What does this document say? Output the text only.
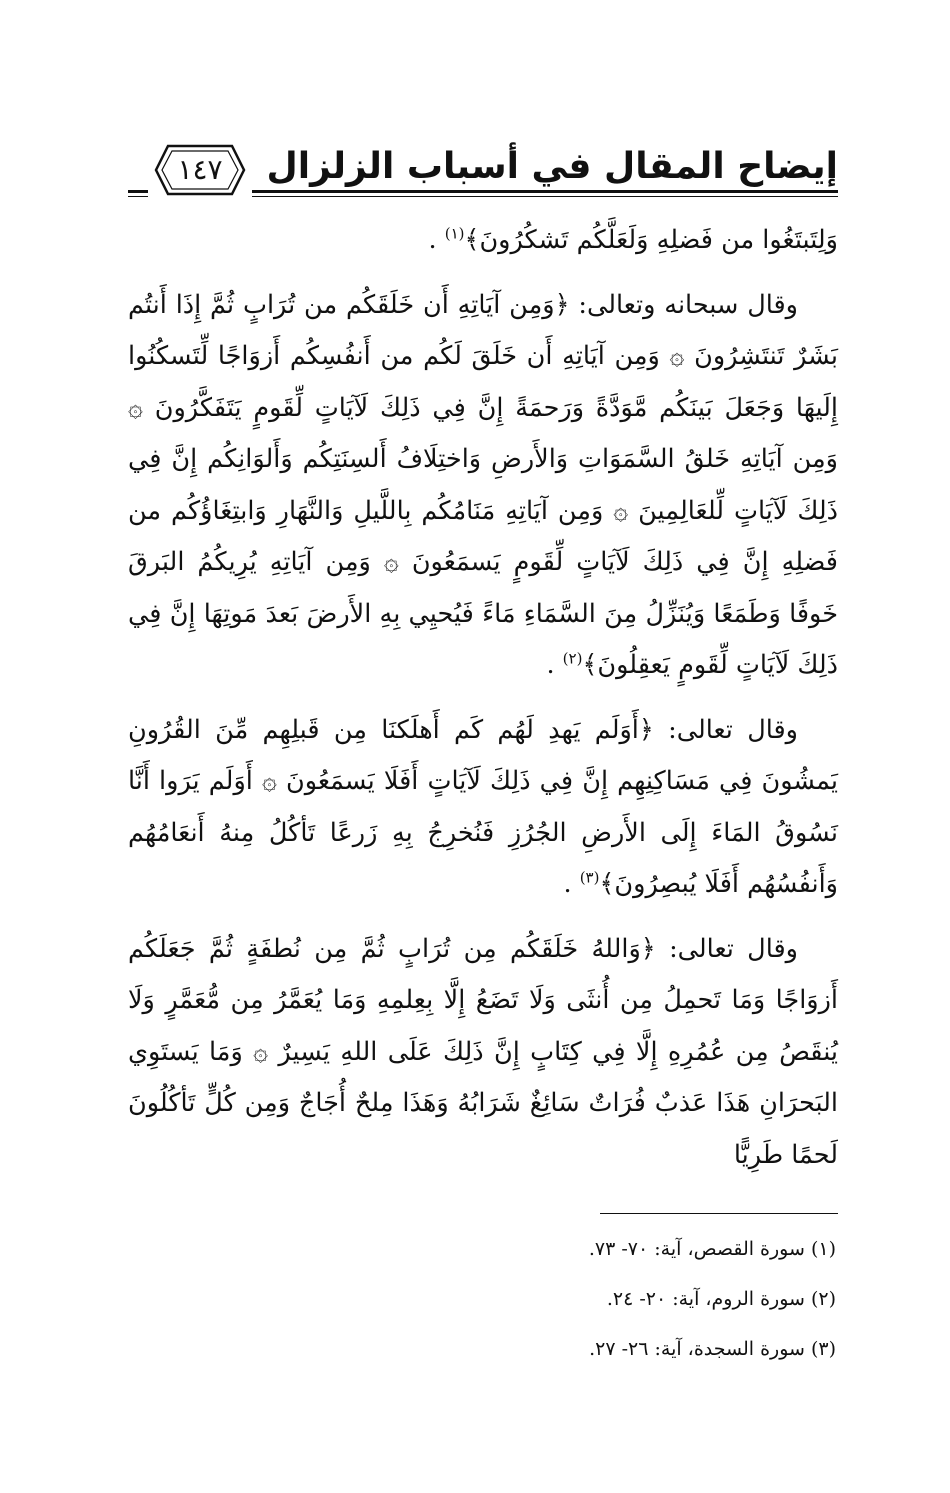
إيضاح المقال في أسباب الزلزال
١٤٧

وَلِتَبتَغُوا من فَضلِهِ وَلَعَلَّكُم تَشكُرُونَ﴾$^{(١)}$ .

وقال سبحانه وتعالى: ﴿وَمِن آيَاتِهِ أَن خَلَقَكُم من تُرَابٍ ثُمَّ إِذَا أَنتُم بَشَرٌ تَنتَشِرُونَ ۞ وَمِن آيَاتِهِ أَن خَلَقَ لَكُم من أَنفُسِكُم أَزوَاجًا لِّتَسكُنُوا إِلَيهَا وَجَعَلَ بَينَكُم مَّوَدَّةً وَرَحمَةً إِنَّ فِي ذَلِكَ لَآيَاتٍ لِّقَومٍ يَتَفَكَّرُونَ ۞ وَمِن آيَاتِهِ خَلقُ السَّمَوَاتِ وَالأَرضِ وَاختِلَافُ أَلسِنَتِكُم وَأَلوَانِكُم إِنَّ فِي ذَلِكَ لَآيَاتٍ لِّلعَالِمِينَ ۞ وَمِن آيَاتِهِ مَنَامُكُم بِاللَّيلِ وَالنَّهَارِ وَابتِغَاؤُكُم من فَضلِهِ إِنَّ فِي ذَلِكَ لَآيَاتٍ لِّقَومٍ يَسمَعُونَ ۞ وَمِن آيَاتِهِ يُرِيكُمُ البَرقَ خَوفًا وَطَمَعًا وَيُنَزِّلُ مِنَ السَّمَاءِ مَاءً فَيُحيِي بِهِ الأَرضَ بَعدَ مَوتِهَا إِنَّ فِي ذَلِكَ لَآيَاتٍ لِّقَومٍ يَعقِلُونَ﴾$^{(٢)}$ .

وقال تعالى: ﴿أَوَلَم يَهدِ لَهُم كَم أَهلَكنَا مِن قَبلِهِم مِّنَ القُرُونِ يَمشُونَ فِي مَسَاكِنِهِم إِنَّ فِي ذَلِكَ لَآيَاتٍ أَفَلَا يَسمَعُونَ ۞ أَوَلَم يَرَوا أَنَّا نَسُوقُ المَاءَ إِلَى الأَرضِ الجُرُزِ فَنُخرِجُ بِهِ زَرعًا تَأكُلُ مِنهُ أَنعَامُهُم وَأَنفُسُهُم أَفَلَا يُبصِرُونَ﴾$^{(٣)}$ .

وقال تعالى: ﴿وَاللهُ خَلَقَكُم مِن تُرَابٍ ثُمَّ مِن نُطفَةٍ ثُمَّ جَعَلَكُم أَزوَاجًا وَمَا تَحمِلُ مِن أُنثَى وَلَا تَضَعُ إِلَّا بِعِلمِهِ وَمَا يُعَمَّرُ مِن مُّعَمَّرٍ وَلَا يُنقَصُ مِن عُمُرِهِ إِلَّا فِي كِتَابٍ إِنَّ ذَلِكَ عَلَى اللهِ يَسِيرٌ ۞ وَمَا يَستَوِي البَحرَانِ هَذَا عَذبٌ فُرَاتٌ سَائِغٌ شَرَابُهُ وَهَذَا مِلحٌ أُجَاجٌ وَمِن كُلٍّ تَأكُلُونَ لَحمًا طَرِيًّا

(١)سورة القصص، آية: ٧٠- ٧٣.

(٢)سورة الروم، آية: ٢٠- ٢٤.

(٣)سورة السجدة، آية: ٢٦- ٢٧.
